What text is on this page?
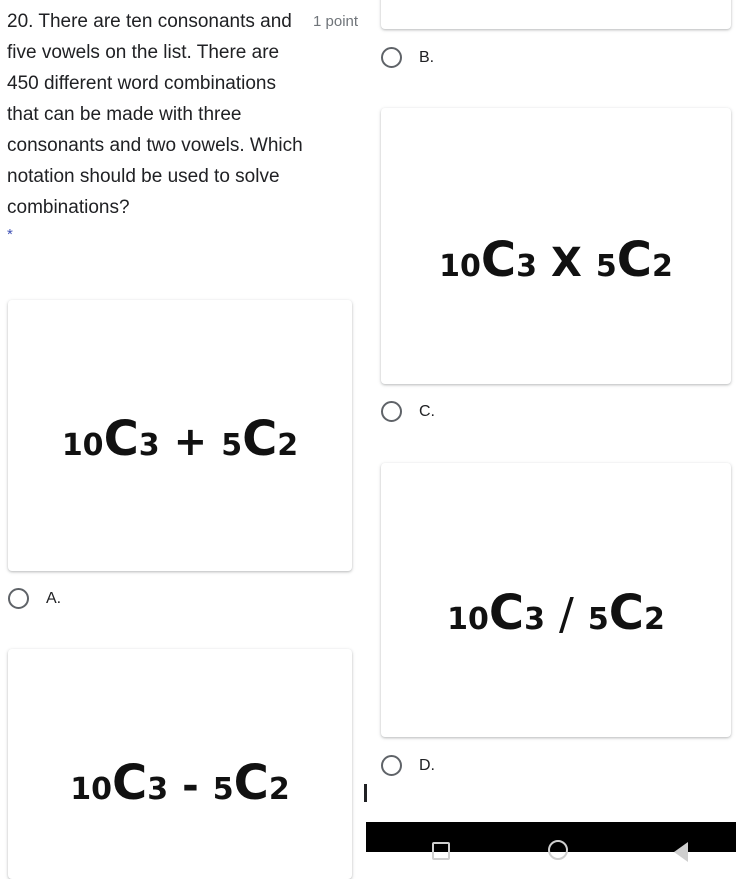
20. There are ten consonants and five vowels on the list. There are 450 different word combinations that can be made with three consonants and two vowels. Which notation should be used to solve combinations?
1 point
*
B.
10 C 3 X 5 C 2
C.
10 C 3 / 5 C 2
D.
10 C 3 + 5 C 2
A.
10 C 3 - 5 C 2
